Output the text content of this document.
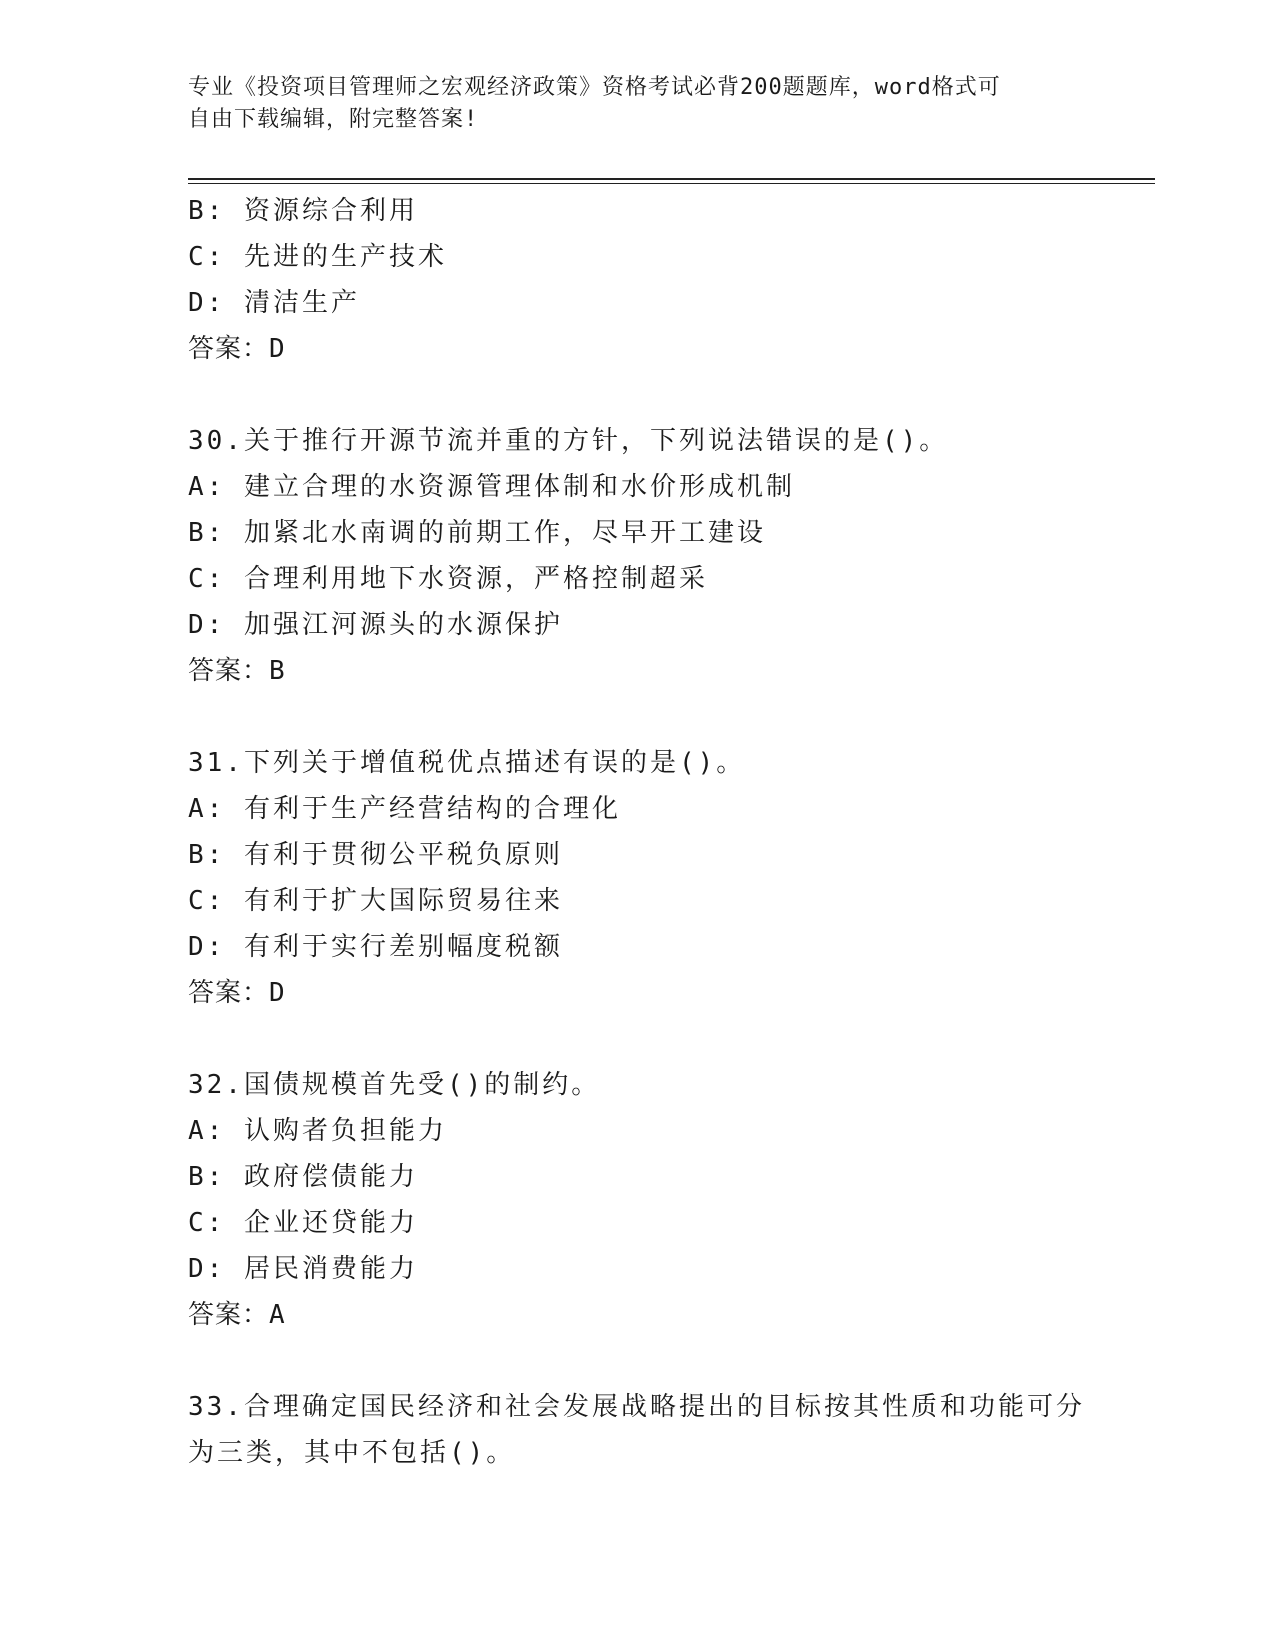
专业《投资项目管理师之宏观经济政策》资格考试必背200题题库，word格式可
自由下载编辑，附完整答案!
B: 资源综合利用
C: 先进的生产技术
D: 清洁生产
答案：D
30.关于推行开源节流并重的方针，下列说法错误的是()。
A: 建立合理的水资源管理体制和水价形成机制
B: 加紧北水南调的前期工作，尽早开工建设
C: 合理利用地下水资源，严格控制超采
D: 加强江河源头的水源保护
答案：B
31.下列关于增值税优点描述有误的是()。
A: 有利于生产经营结构的合理化
B: 有利于贯彻公平税负原则
C: 有利于扩大国际贸易往来
D: 有利于实行差别幅度税额
答案：D
32.国债规模首先受()的制约。
A: 认购者负担能力
B: 政府偿债能力
C: 企业还贷能力
D: 居民消费能力
答案：A
33.合理确定国民经济和社会发展战略提出的目标按其性质和功能可分
为三类，其中不包括()。
